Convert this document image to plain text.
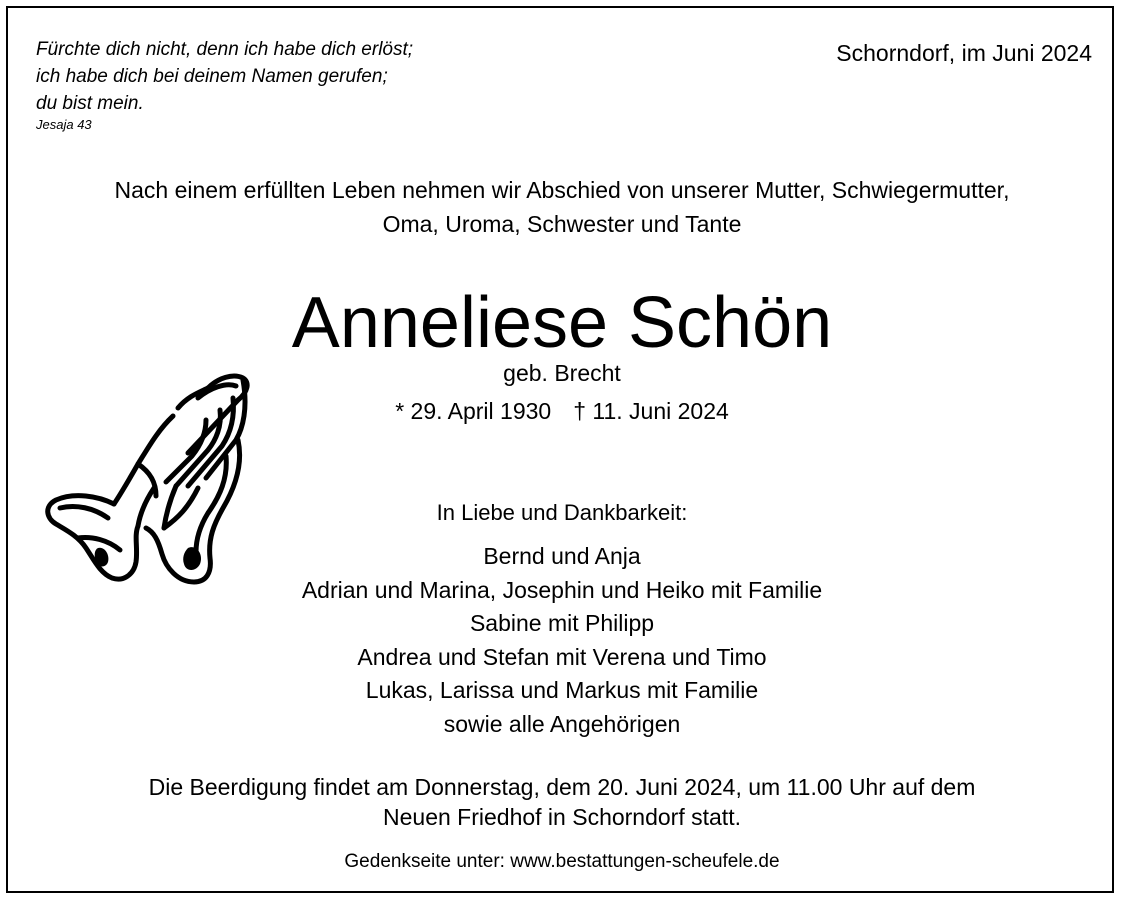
Fürchte dich nicht, denn ich habe dich erlöst;
ich habe dich bei deinem Namen gerufen;
du bist mein.
Jesaja 43
Schorndorf, im Juni 2024
Nach einem erfüllten Leben nehmen wir Abschied von unserer Mutter, Schwiegermutter,
Oma, Uroma, Schwester und Tante
Anneliese Schön
geb. Brecht
* 29. April 1930 † 11. Juni 2024
In Liebe und Dankbarkeit:
Bernd und Anja
Adrian und Marina, Josephin und Heiko mit Familie
Sabine mit Philipp
Andrea und Stefan mit Verena und Timo
Lukas, Larissa und Markus mit Familie
sowie alle Angehörigen
Die Beerdigung findet am Donnerstag, dem 20. Juni 2024, um 11.00 Uhr auf dem
Neuen Friedhof in Schorndorf statt.
Gedenkseite unter: www.bestattungen-scheufele.de
